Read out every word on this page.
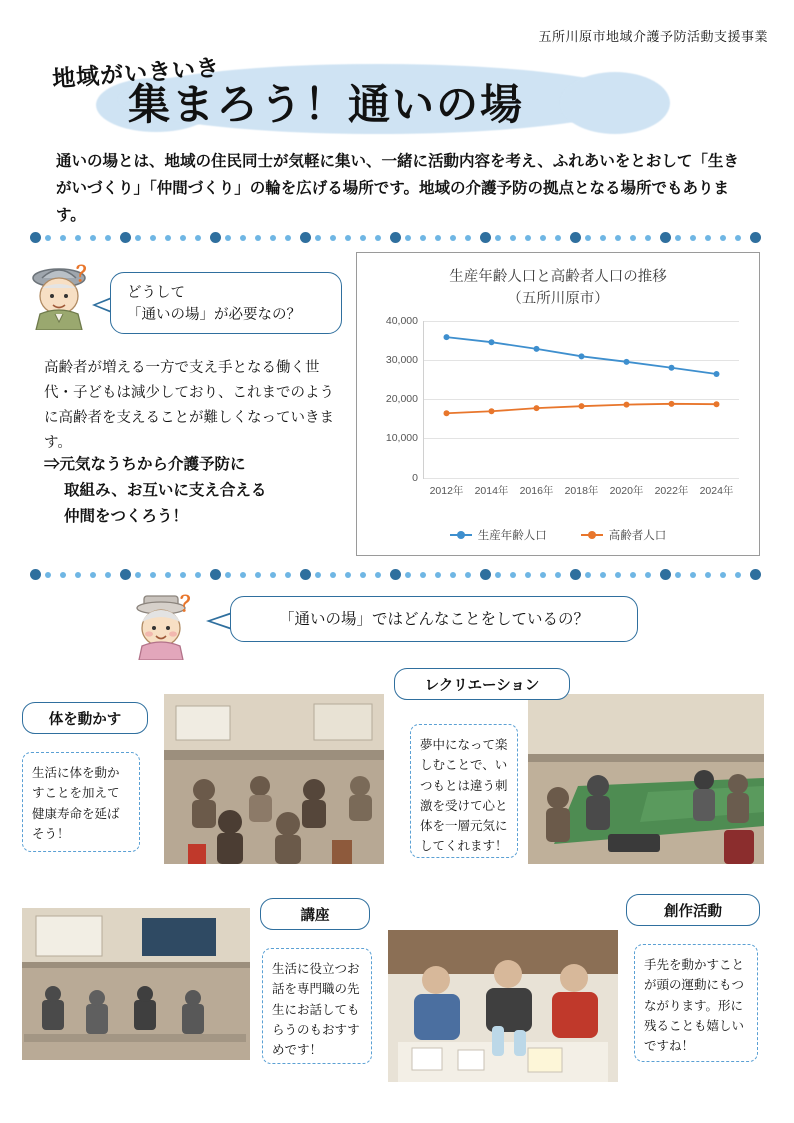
五所川原市地域介護予防活動支援事業
地域がいきいき
集まろう！通いの場
通いの場とは、地域の住民同士が気軽に集い、一緒に活動内容を考え、ふれあいをとおして「生きがいづくり」「仲間づくり」の輪を広げる場所です。地域の介護予防の拠点となる場所でもあります。
？
どうして
「通いの場」が必要なの？
高齢者が増える一方で支え手となる働く世代・子どもは減少しており、これまでのように高齢者を支えることが難しくなっていきます。
⇒元気なうちから介護予防に
取組み、お互いに支え合える
仲間をつくろう！
生産年齢人口と高齢者人口の推移
（五所川原市）
0
10,000
20,000
30,000
40,000
2012年 2014年 2016年 2018年 2020年 2022年 2024年
生産年齢人口	高齢者人口
？
「通いの場」ではどんなことをしているの？
体を動かす
生活に体を動かすことを加えて健康寿命を延ばそう！
レクリエーション
夢中になって楽しむことで、いつもとは違う刺激を受けて心と体を一層元気にしてくれます！
講座
生活に役立つお話を専門職の先生にお話してもらうのもおすすめです！
創作活動
手先を動かすことが頭の運動にもつながります。形に残ることも嬉しいですね！
